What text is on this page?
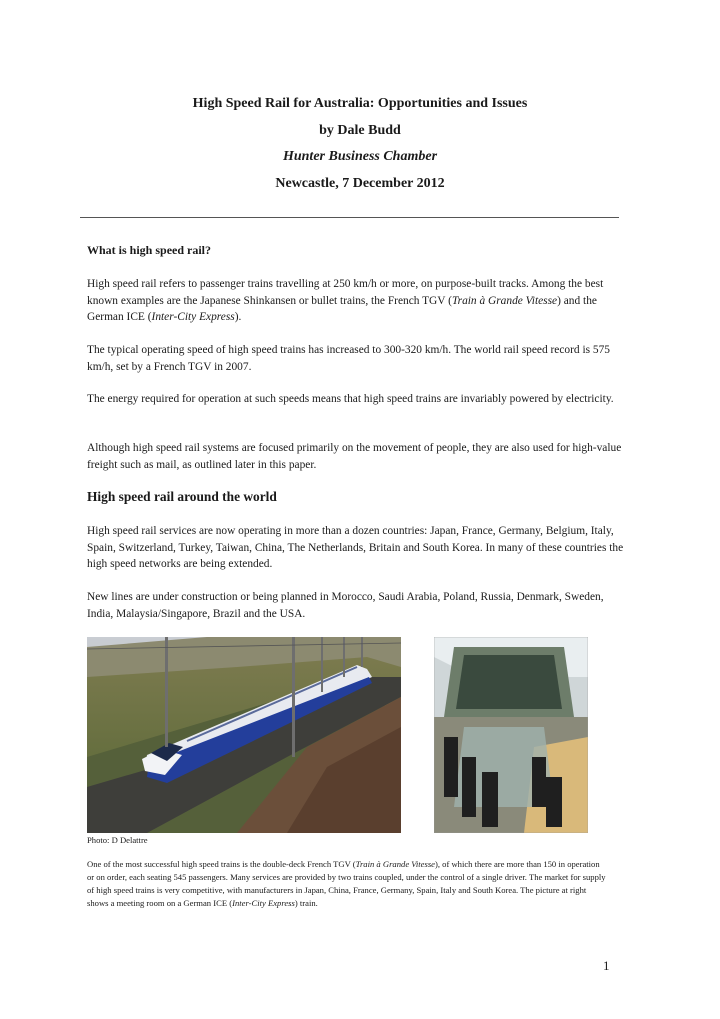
High Speed Rail for Australia: Opportunities and Issues
by Dale Budd
Hunter Business Chamber
Newcastle, 7 December 2012
What is high speed rail?
High speed rail refers to passenger trains travelling at 250 km/h or more, on purpose-built tracks. Among the best known examples are the Japanese Shinkansen or bullet trains, the French TGV (Train à Grande Vitesse) and the German ICE (Inter-City Express).
The typical operating speed of high speed trains has increased to 300-320 km/h. The world rail speed record is 575 km/h, set by a French TGV in 2007.
The energy required for operation at such speeds means that high speed trains are invariably powered by electricity.
Although high speed rail systems are focused primarily on the movement of people, they are also used for high-value freight such as mail, as outlined later in this paper.
High speed rail around the world
High speed rail services are now operating in more than a dozen countries: Japan, France, Germany, Belgium, Italy, Spain, Switzerland, Turkey, Taiwan, China, The Netherlands, Britain and South Korea. In many of these countries the high speed networks are being extended.
New lines are under construction or being planned in Morocco, Saudi Arabia, Poland, Russia, Denmark, Sweden, India, Malaysia/Singapore, Brazil and the USA.
Photo: D Delattre
One of the most successful high speed trains is the double-deck French TGV (Train à Grande Vitesse), of which there are more than 150 in operation or on order, each seating 545 passengers. Many services are provided by two trains coupled, under the control of a single driver. The market for supply of high speed trains is very competitive, with manufacturers in Japan, China, France, Germany, Spain, Italy and South Korea. The picture at right shows a meeting room on a German ICE (Inter-City Express) train.
1
